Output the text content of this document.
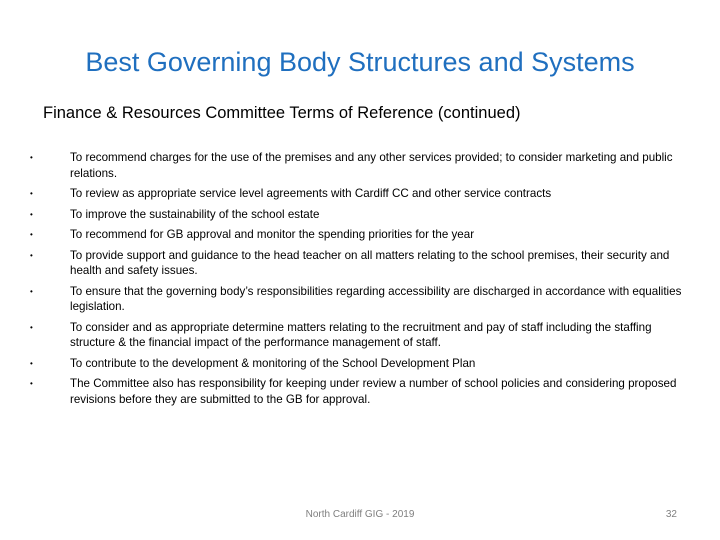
Best Governing Body Structures and Systems
Finance & Resources Committee Terms of Reference (continued)
•	To recommend charges for the use of the premises and any other services provided; to consider marketing and public relations.
•	To review as appropriate service level agreements with Cardiff CC and other service contracts
•	To improve the sustainability of the school estate
•	To recommend for GB approval and monitor the spending priorities for the year
•	To provide support and guidance to the head teacher on all matters relating to the school premises, their security and health and safety issues.
•	To ensure that the governing body’s responsibilities regarding accessibility are discharged in accordance with equalities legislation.
•	To consider and as appropriate determine matters relating to the recruitment and pay of staff including the staffing structure & the financial impact of the performance management of staff.
•	To contribute to the development & monitoring of the School Development Plan
•	The Committee also has responsibility for keeping under review a number of school policies and considering proposed revisions before they are submitted to the GB for approval.
North Cardiff GIG - 2019	32
